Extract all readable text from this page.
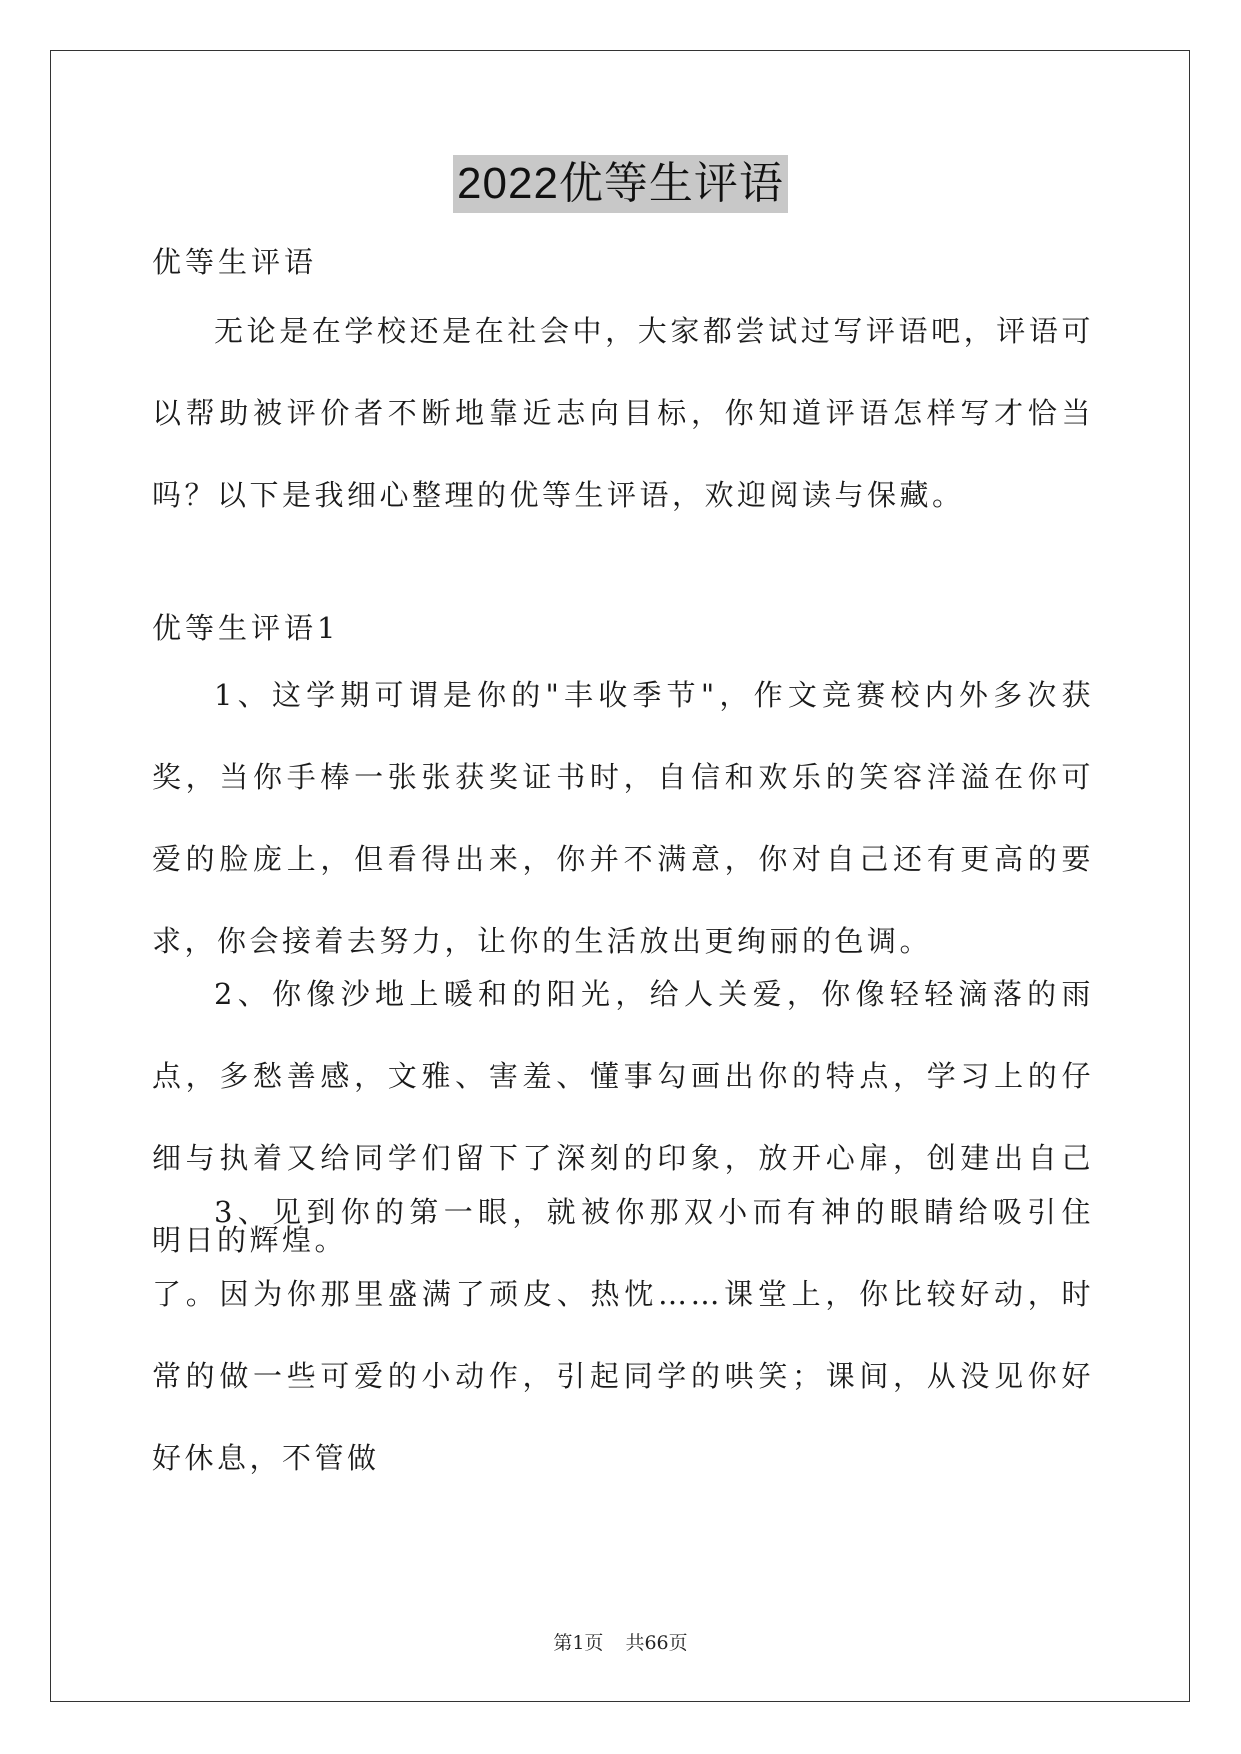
2022优等生评语
优等生评语
无论是在学校还是在社会中，大家都尝试过写评语吧，评语可以帮助被评价者不断地靠近志向目标，你知道评语怎样写才恰当吗？以下是我细心整理的优等生评语，欢迎阅读与保藏。
优等生评语1
1、这学期可谓是你的"丰收季节"，作文竞赛校内外多次获奖，当你手棒一张张获奖证书时，自信和欢乐的笑容洋溢在你可爱的脸庞上，但看得出来，你并不满意，你对自己还有更高的要求，你会接着去努力，让你的生活放出更绚丽的色调。
2、你像沙地上暖和的阳光，给人关爱，你像轻轻滴落的雨点，多愁善感，文雅、害羞、懂事勾画出你的特点，学习上的仔细与执着又给同学们留下了深刻的印象，放开心扉，创建出自己明日的辉煌。
3、见到你的第一眼，就被你那双小而有神的眼睛给吸引住了。因为你那里盛满了顽皮、热忱……课堂上，你比较好动，时常的做一些可爱的小动作，引起同学的哄笑；课间，从没见你好好休息，不管做
第1页 共66页
